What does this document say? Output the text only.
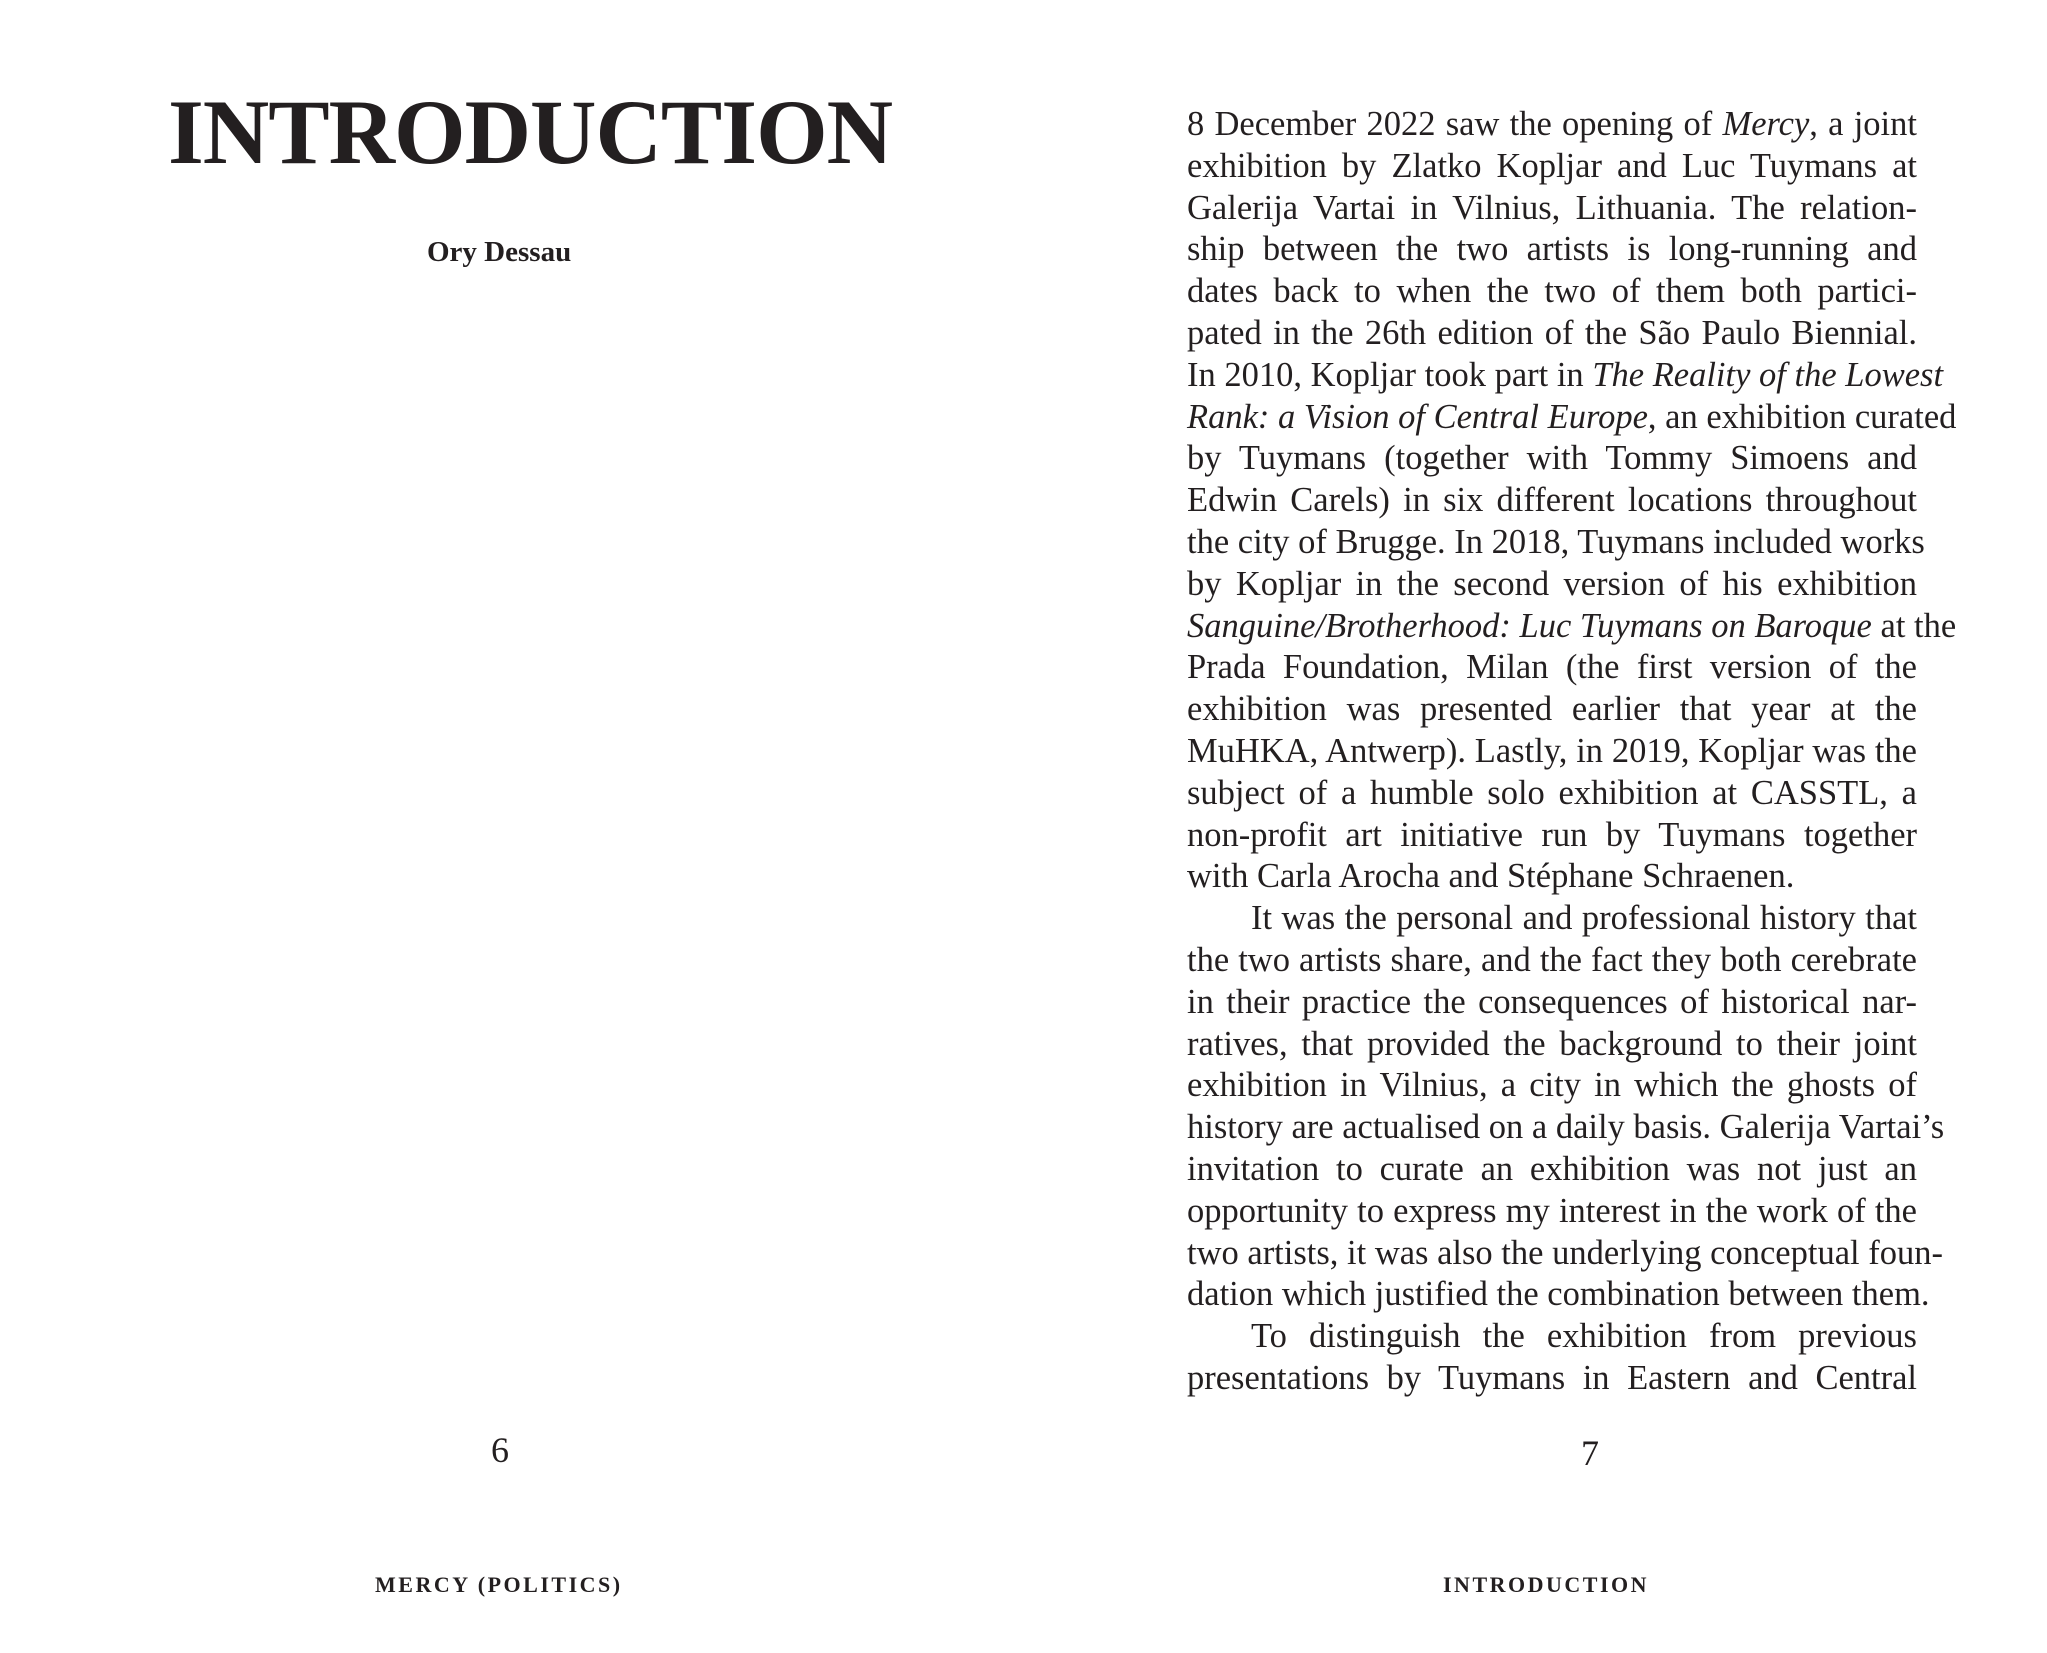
INTRODUCTION
Ory Dessau
6
MERCY (POLITICS)
8 December 2022 saw the opening of Mercy, a joint
exhibition by Zlatko Kopljar and Luc Tuymans at
Galerija Vartai in Vilnius, Lithuania. The relation-
ship between the two artists is long-running and
dates back to when the two of them both partici-
pated in the 26th edition of the São Paulo Biennial.
In 2010, Kopljar took part in The Reality of the Lowest
Rank: a Vision of Central Europe, an exhibition curated
by Tuymans (together with Tommy Simoens and
Edwin Carels) in six different locations throughout
the city of Brugge. In 2018, Tuymans included works
by Kopljar in the second version of his exhibition
Sanguine/Brotherhood: Luc Tuymans on Baroque at the
Prada Foundation, Milan (the first version of the
exhibition was presented earlier that year at the
MuHKA, Antwerp). Lastly, in 2019, Kopljar was the
subject of a humble solo exhibition at CASSTL, a
non-profit art initiative run by Tuymans together
with Carla Arocha and Stéphane Schraenen.
It was the personal and professional history that
the two artists share, and the fact they both cerebrate
in their practice the consequences of historical nar-
ratives, that provided the background to their joint
exhibition in Vilnius, a city in which the ghosts of
history are actualised on a daily basis. Galerija Vartai’s
invitation to curate an exhibition was not just an
opportunity to express my interest in the work of the
two artists, it was also the underlying conceptual foun-
dation which justified the combination between them.
To distinguish the exhibition from previous
presentations by Tuymans in Eastern and Central
7
INTRODUCTION
